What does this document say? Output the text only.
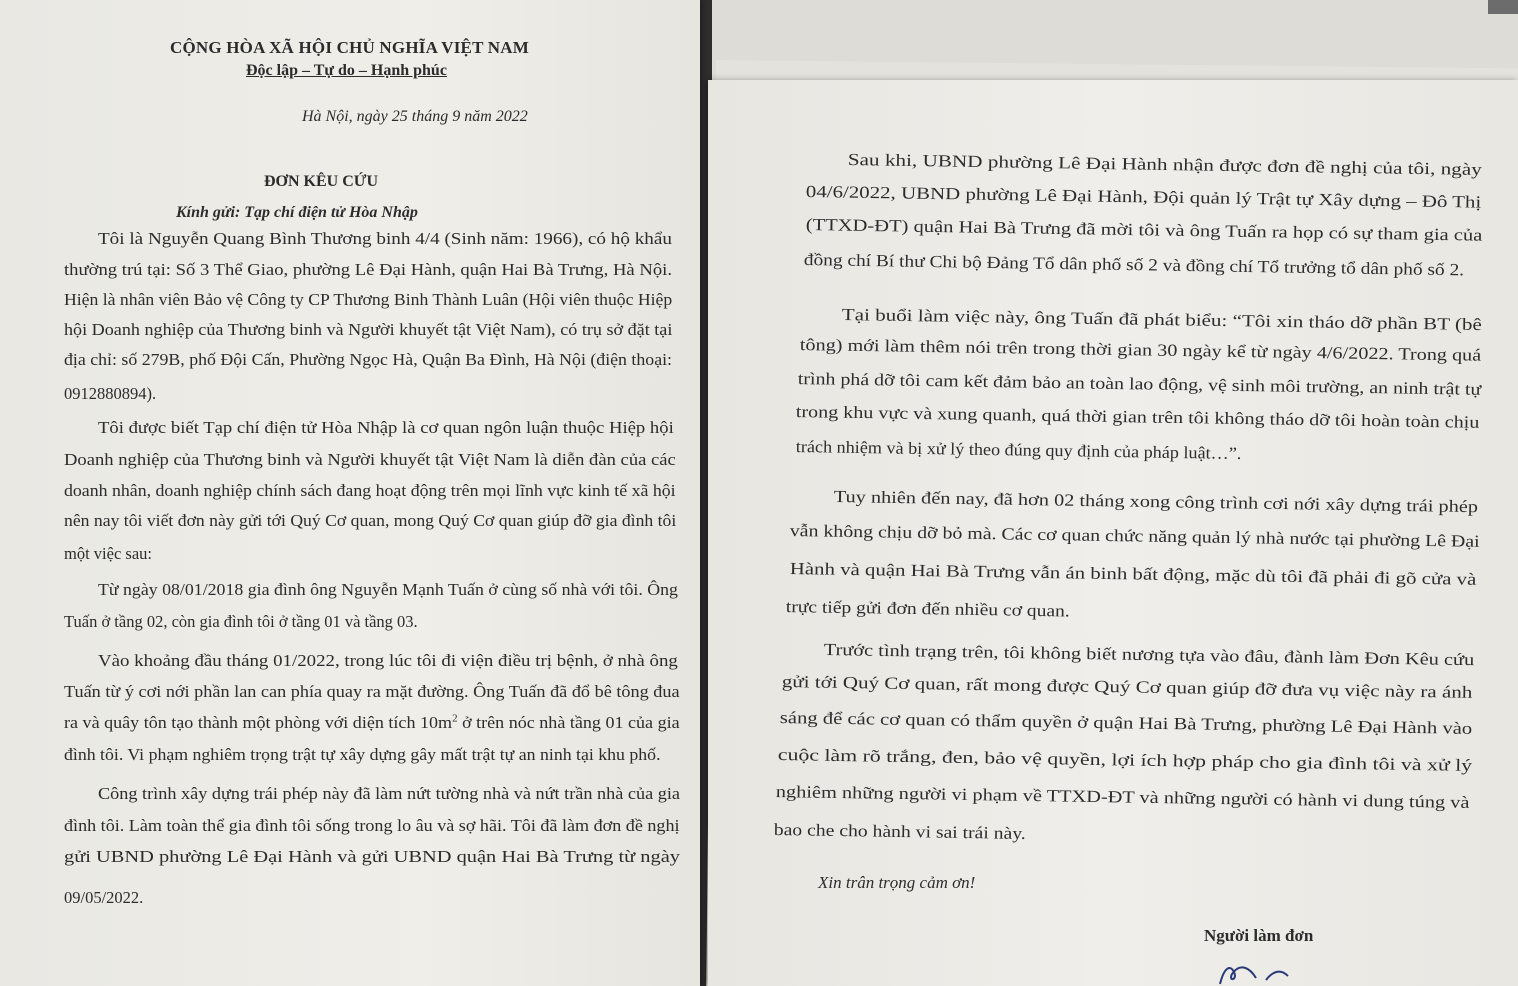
CỘNG HÒA XÃ HỘI CHỦ NGHĨA VIỆT NAM
Độc lập – Tự do – Hạnh phúc
Hà Nội, ngày 25 tháng 9 năm 2022
ĐƠN KÊU CỨU
Kính gửi: Tạp chí điện tử Hòa Nhập
Tôi là Nguyễn Quang Bình Thương binh 4/4 (Sinh năm: 1966), có hộ khẩu
thường trú tại: Số 3 Thể Giao, phường Lê Đại Hành, quận Hai Bà Trưng, Hà Nội.
Hiện là nhân viên Bảo vệ Công ty CP Thương Binh Thành Luân (Hội viên thuộc Hiệp
hội Doanh nghiệp của Thương binh và Người khuyết tật Việt Nam), có trụ sở đặt tại
địa chỉ: số 279B, phố Đội Cấn, Phường Ngọc Hà, Quận Ba Đình, Hà Nội (điện thoại:
0912880894).
Tôi được biết Tạp chí điện tử Hòa Nhập là cơ quan ngôn luận thuộc Hiệp hội
Doanh nghiệp của Thương binh và Người khuyết tật Việt Nam là diễn đàn của các
doanh nhân, doanh nghiệp chính sách đang hoạt động trên mọi lĩnh vực kinh tế xã hội
nên nay tôi viết đơn này gửi tới Quý Cơ quan, mong Quý Cơ quan giúp đỡ gia đình tôi
một việc sau:
Từ ngày 08/01/2018 gia đình ông Nguyễn Mạnh Tuấn ở cùng số nhà với tôi. Ông
Tuấn ở tầng 02, còn gia đình tôi ở tầng 01 và tầng 03.
Vào khoảng đầu tháng 01/2022, trong lúc tôi đi viện điều trị bệnh, ở nhà ông
Tuấn từ ý cơi nới phần lan can phía quay ra mặt đường. Ông Tuấn đã đổ bê tông đua
ra và quây tôn tạo thành một phòng với diện tích $10m^2$ ở trên nóc nhà tầng 01 của gia
đình tôi. Vi phạm nghiêm trọng trật tự xây dựng gây mất trật tự an ninh tại khu phố.
Công trình xây dựng trái phép này đã làm nứt tường nhà và nứt trần nhà của gia
đình tôi. Làm toàn thể gia đình tôi sống trong lo âu và sợ hãi. Tôi đã làm đơn đề nghị
gửi UBND phường Lê Đại Hành và gửi UBND quận Hai Bà Trưng từ ngày
09/05/2022.
Sau khi, UBND phường Lê Đại Hành nhận được đơn đề nghị của tôi, ngày
04/6/2022, UBND phường Lê Đại Hành, Đội quản lý Trật tự Xây dựng – Đô Thị
(TTXD-ĐT) quận Hai Bà Trưng đã mời tôi và ông Tuấn ra họp có sự tham gia của
đồng chí Bí thư Chi bộ Đảng Tổ dân phố số 2 và đồng chí Tổ trưởng tổ dân phố số 2.
Tại buổi làm việc này, ông Tuấn đã phát biểu: “Tôi xin tháo dỡ phần BT (bê
tông) mới làm thêm nói trên trong thời gian 30 ngày kể từ ngày 4/6/2022. Trong quá
trình phá dỡ tôi cam kết đảm bảo an toàn lao động, vệ sinh môi trường, an ninh trật tự
trong khu vực và xung quanh, quá thời gian trên tôi không tháo dỡ tôi hoàn toàn chịu
trách nhiệm và bị xử lý theo đúng quy định của pháp luật…”.
Tuy nhiên đến nay, đã hơn 02 tháng xong công trình cơi nới xây dựng trái phép
vẫn không chịu dỡ bỏ mà. Các cơ quan chức năng quản lý nhà nước tại phường Lê Đại
Hành và quận Hai Bà Trưng vẫn án binh bất động, mặc dù tôi đã phải đi gõ cửa và
trực tiếp gửi đơn đến nhiều cơ quan.
Trước tình trạng trên, tôi không biết nương tựa vào đâu, đành làm Đơn Kêu cứu
gửi tới Quý Cơ quan, rất mong được Quý Cơ quan giúp đỡ đưa vụ việc này ra ánh
sáng để các cơ quan có thẩm quyền ở quận Hai Bà Trưng, phường Lê Đại Hành vào
cuộc làm rõ trắng, đen, bảo vệ quyền, lợi ích hợp pháp cho gia đình tôi và xử lý
nghiêm những người vi phạm về TTXD-ĐT và những người có hành vi dung túng và
bao che cho hành vi sai trái này.
Xin trân trọng cảm ơn!
Người làm đơn
